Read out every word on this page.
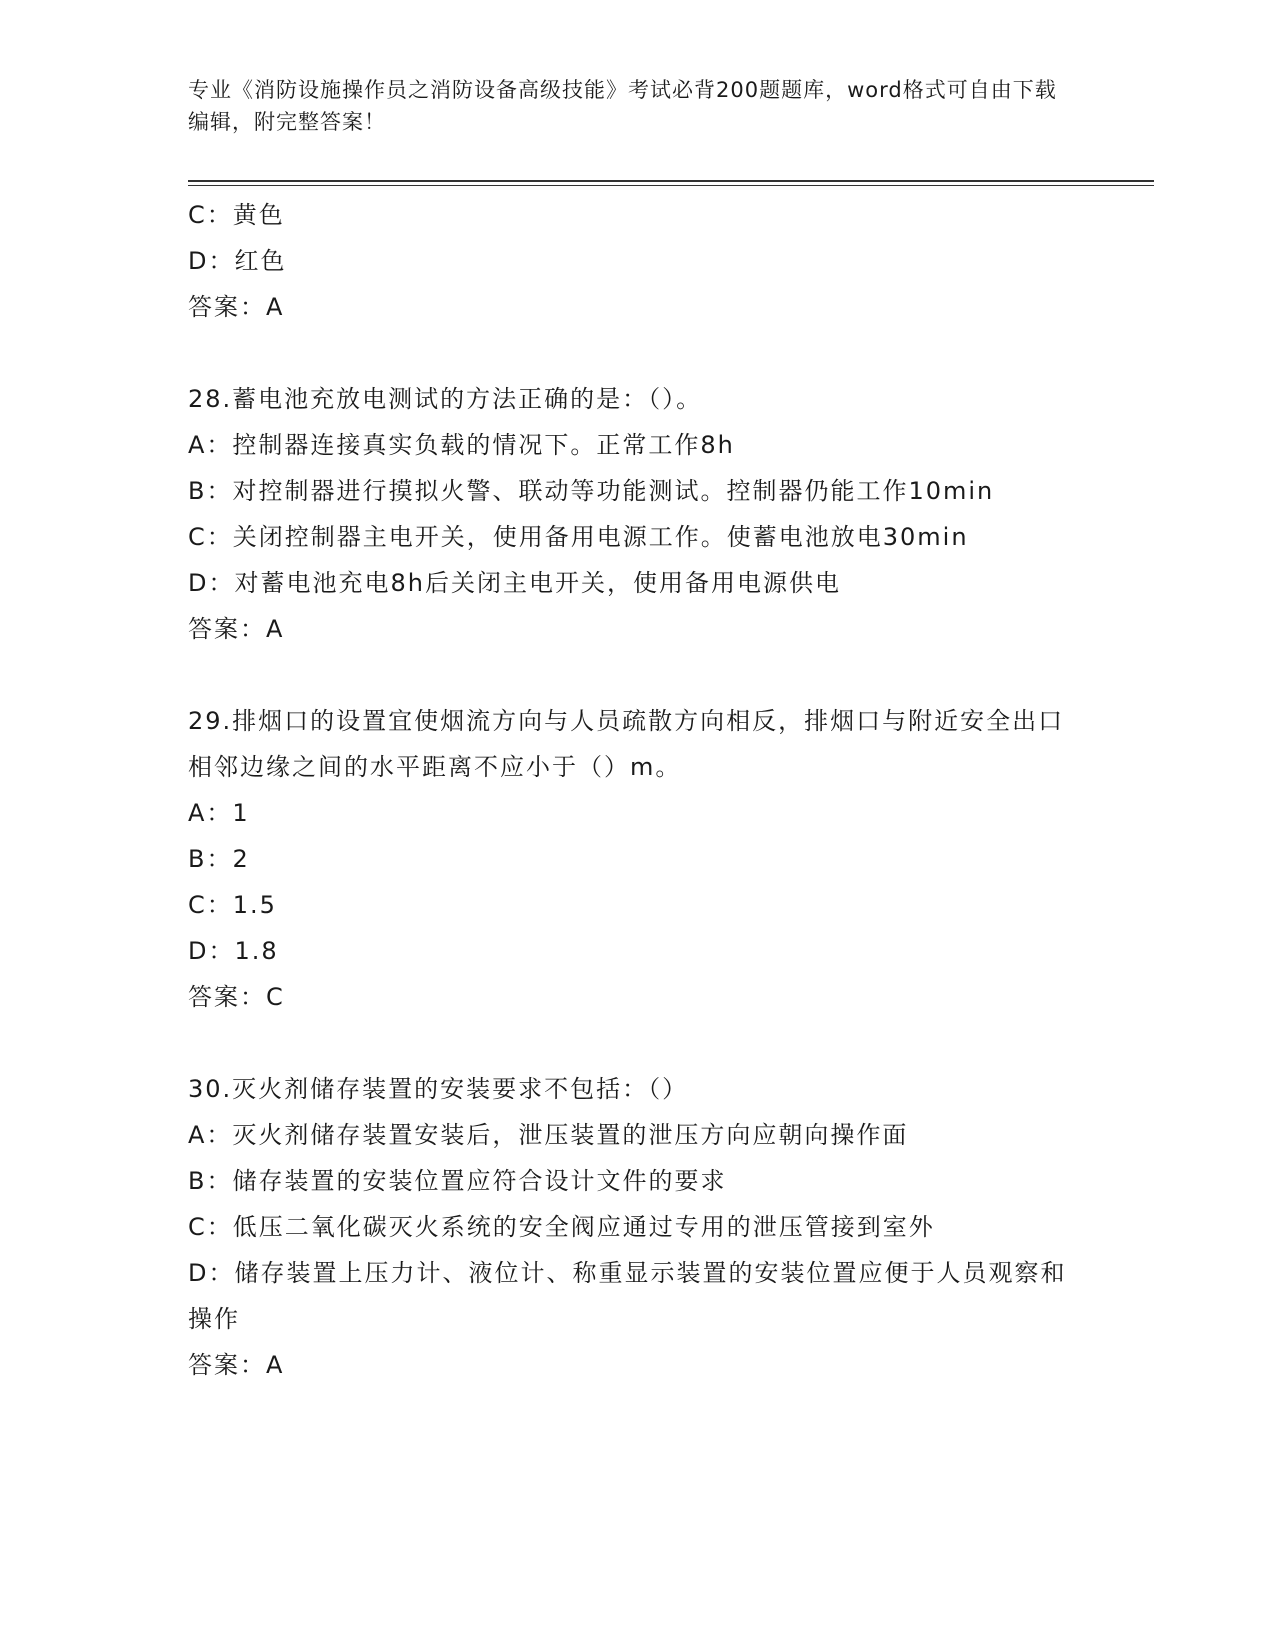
专业《消防设施操作员之消防设备高级技能》考试必背200题题库，word格式可自由下载编辑，附完整答案！
C：黄色
D：红色
答案：A
28.蓄电池充放电测试的方法正确的是：（）。
A：控制器连接真实负载的情况下。正常工作8h
B：对控制器进行摸拟火警、联动等功能测试。控制器仍能工作10min
C：关闭控制器主电开关，使用备用电源工作。使蓄电池放电30min
D：对蓄电池充电8h后关闭主电开关，使用备用电源供电
答案：A
29.排烟口的设置宜使烟流方向与人员疏散方向相反，排烟口与附近安全出口相邻边缘之间的水平距离不应小于（）m。
A：1
B：2
C：1.5
D：1.8
答案：C
30.灭火剂储存装置的安装要求不包括：（）
A：灭火剂储存装置安装后，泄压装置的泄压方向应朝向操作面
B：储存装置的安装位置应符合设计文件的要求
C：低压二氧化碳灭火系统的安全阀应通过专用的泄压管接到室外
D：储存装置上压力计、液位计、称重显示装置的安装位置应便于人员观察和操作
答案：A
